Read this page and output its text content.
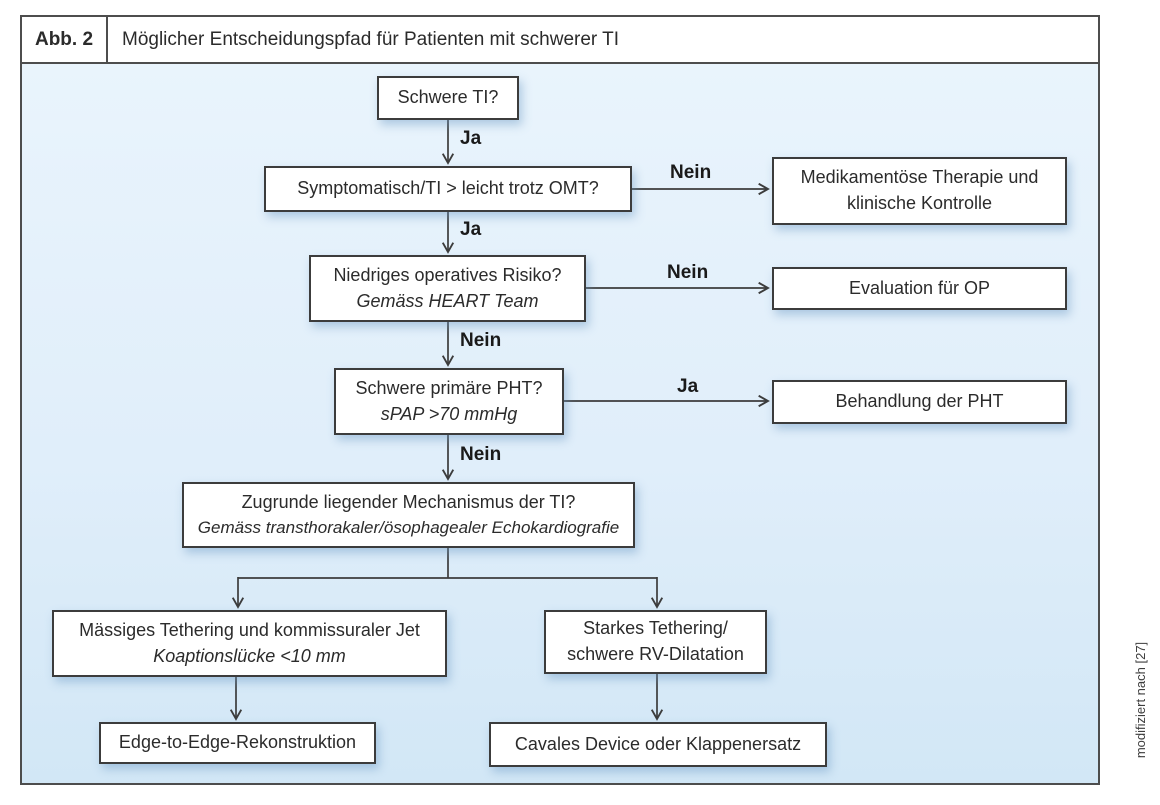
Abb. 2	Möglicher Entscheidungspfad für Patienten mit schwerer TI
Schwere TI?
Symptomatisch/TI > leicht trotz OMT?
Niedriges operatives Risiko?
Gemäss HEART Team
Schwere primäre PHT?
sPAP >70 mmHg
Zugrunde liegender Mechanismus der TI?
Gemäss transthorakaler/ösophagealer Echokardiografie
Mässiges Tethering und kommissuraler Jet
Koaptionslücke <10 mm
Starkes Tethering/
schwere RV-Dilatation
Edge-to-Edge-Rekonstruktion	Cavales Device oder Klappenersatz
Medikamentöse Therapie und
klinische Kontrolle
Evaluation für OP
Behandlung der PHT
Ja
Nein
Ja
Nein
Nein
Ja
Nein
modifiziert nach [27]
